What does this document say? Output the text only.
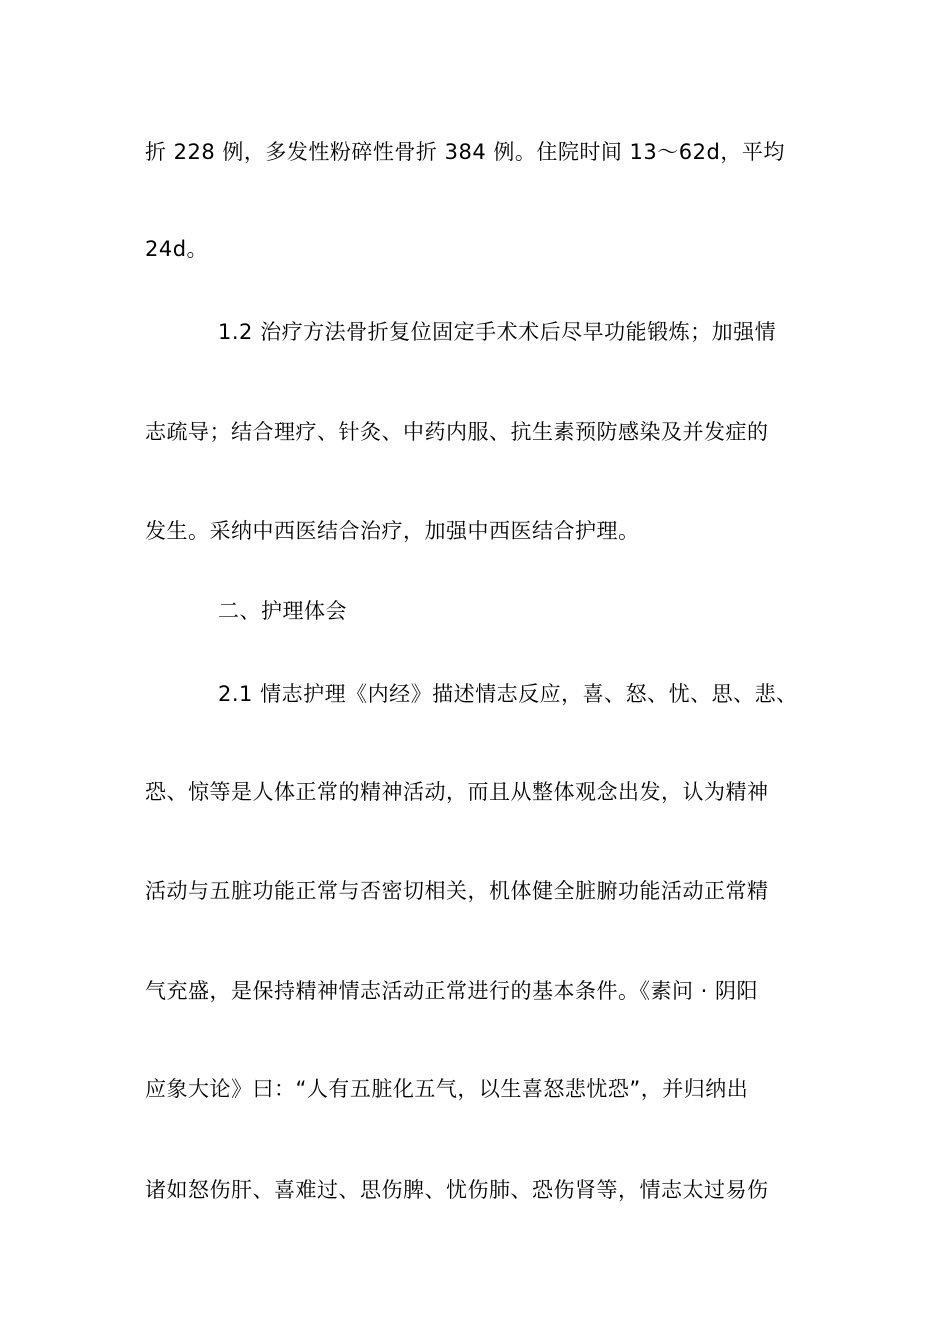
折 228 例，多发性粉碎性骨折 384 例。住院时间 13～62d，平均
24d。
1.2 治疗方法骨折复位固定手术术后尽早功能锻炼；加强情
志疏导；结合理疗、针灸、中药内服、抗生素预防感染及并发症的
发生。采纳中西医结合治疗，加强中西医结合护理。
二、护理体会
2.1 情志护理《内经》描述情志反应，喜、怒、忧、思、悲、
恐、惊等是人体正常的精神活动，而且从整体观念出发，认为精神
活动与五脏功能正常与否密切相关，机体健全脏腑功能活动正常精
气充盛，是保持精神情志活动正常进行的基本条件。《素问 · 阴阳
应象大论》曰：“人有五脏化五气，以生喜怒悲忧恐”，并归纳出
诸如怒伤肝、喜难过、思伤脾、忧伤肺、恐伤肾等，情志太过易伤
